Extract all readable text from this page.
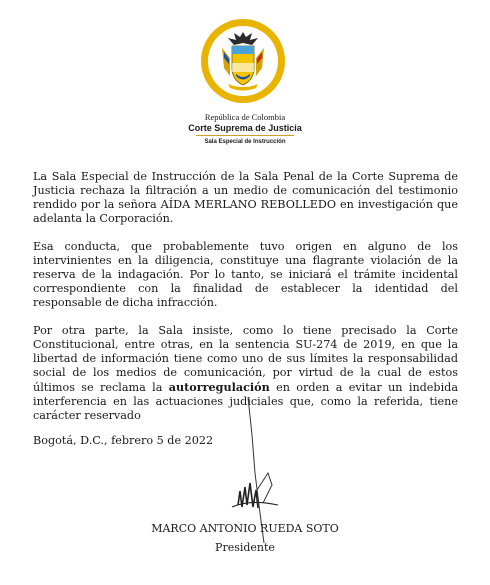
República de Colombia
Corte Suprema de Justicia
Sala Especial de Instrucción

La Sala Especial de Instrucción de la Sala Penal de la Corte Suprema de Justicia rechaza la filtración a un medio de comunicación del testimonio rendido por la señora AÍDA MERLANO REBOLLEDO en investigación que adelanta la Corporación.

Esa conducta, que probablemente tuvo origen en alguno de los intervinientes en la diligencia, constituye una flagrante violación de la reserva de la indagación. Por lo tanto, se iniciará el trámite incidental correspondiente con la finalidad de establecer la identidad del responsable de dicha infracción.

Por otra parte, la Sala insiste, como lo tiene precisado la Corte Constitucional, entre otras, en la sentencia SU-274 de 2019, en que la libertad de información tiene como uno de sus límites la responsabilidad social de los medios de comunicación, por virtud de la cual de estos últimos se reclama la autorregulación en orden a evitar un indebida interferencia en las actuaciones judiciales que, como la referida, tiene carácter reservado

Bogotá, D.C., febrero 5 de 2022
MARCO ANTONIO RUEDA SOTO
Presidente
